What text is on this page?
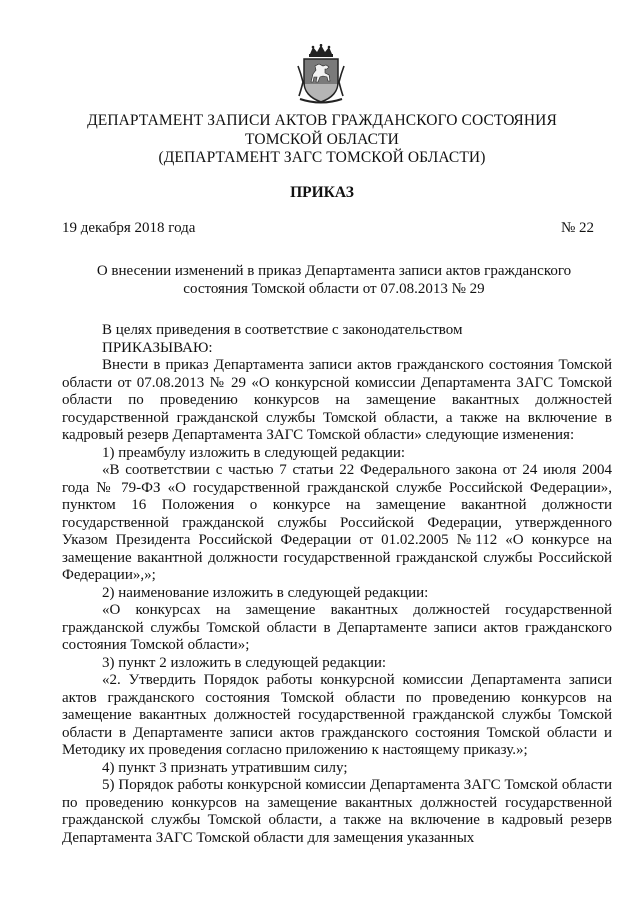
ДЕПАРТАМЕНТ ЗАПИСИ АКТОВ ГРАЖДАНСКОГО СОСТОЯНИЯ
ТОМСКОЙ ОБЛАСТИ
(ДЕПАРТАМЕНТ ЗАГС ТОМСКОЙ ОБЛАСТИ)
ПРИКАЗ
19 декабря 2018 года	№ 22
О внесении изменений в приказ Департамента записи актов гражданского
состояния Томской области от 07.08.2013 № 29

В целях приведения в соответствие с законодательством

ПРИКАЗЫВАЮ:

Внести в приказ Департамента записи актов гражданского состояния Томской области от 07.08.2013 № 29 «О конкурсной комиссии Департамента ЗАГС Томской области по проведению конкурсов на замещение вакантных должностей государственной гражданской службы Томской области, а также на включение в кадровый резерв Департамента ЗАГС Томской области» следующие изменения:

1) преамбулу изложить в следующей редакции:

«В соответствии с частью 7 статьи 22 Федерального закона от 24 июля 2004 года № 79-ФЗ «О государственной гражданской службе Российской Федерации», пунктом 16 Положения о конкурсе на замещение вакантной должности государственной гражданской службы Российской Федерации, утвержденного Указом Президента Российской Федерации от 01.02.2005 №112 «О конкурсе на замещение вакантной должности государственной гражданской службы Российской Федерации»,»;

2) наименование изложить в следующей редакции:

«О конкурсах на замещение вакантных должностей государственной гражданской службы Томской области в Департаменте записи актов гражданского состояния Томской области»;

3) пункт 2 изложить в следующей редакции:

«2. Утвердить Порядок работы конкурсной комиссии Департамента записи актов гражданского состояния Томской области по проведению конкурсов на замещение вакантных должностей государственной гражданской службы Томской области в Департаменте записи актов гражданского состояния Томской области и Методику их проведения согласно приложению к настоящему приказу.»;

4) пункт 3 признать утратившим силу;

5) Порядок работы конкурсной комиссии Департамента ЗАГС Томской области по проведению конкурсов на замещение вакантных должностей государственной гражданской службы Томской области, а также на включение в кадровый резерв Департамента ЗАГС Томской области для замещения указанных
